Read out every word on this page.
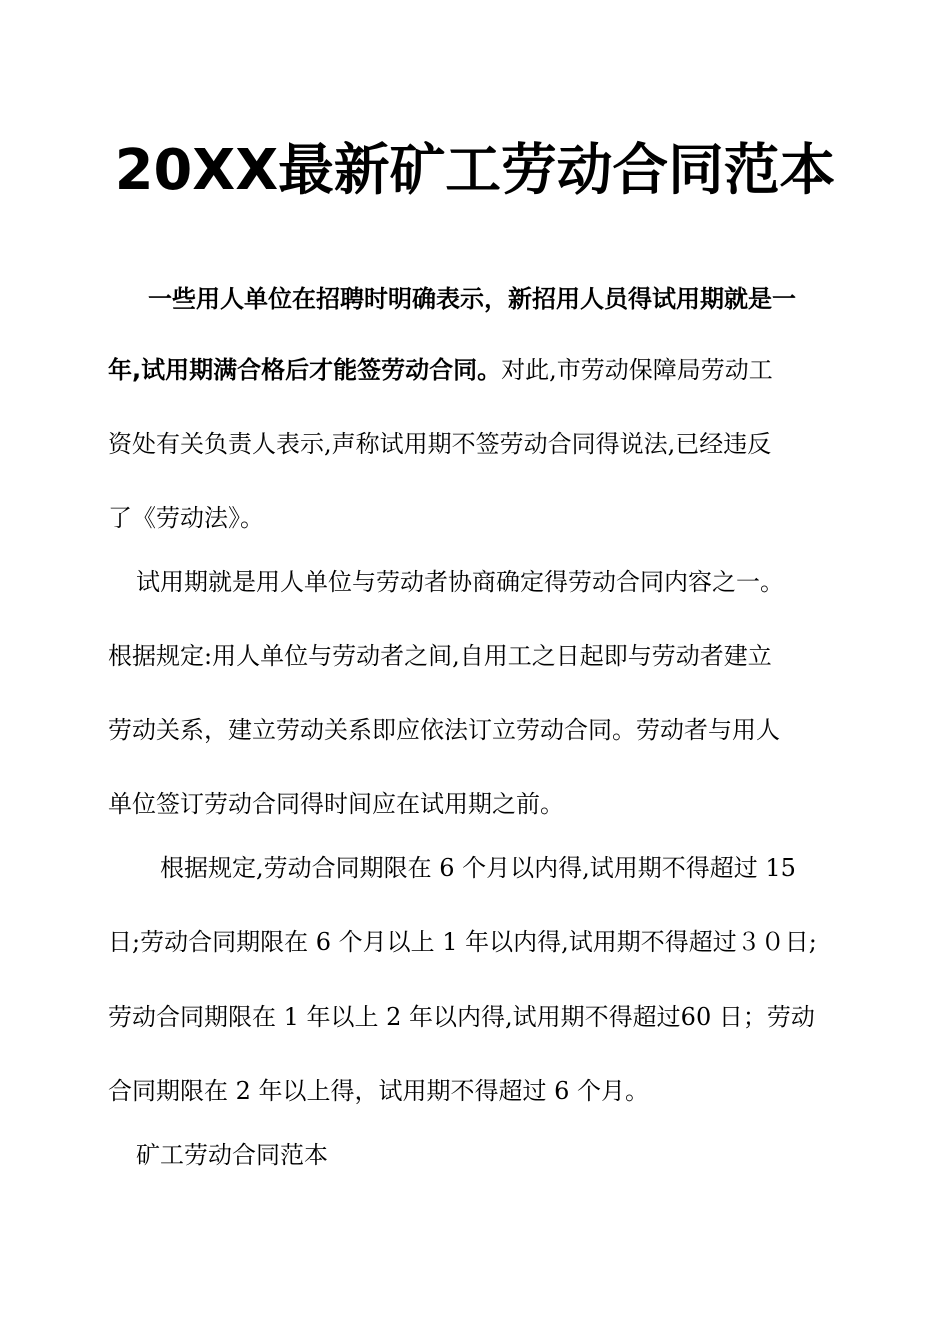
20XX最新矿工劳动合同范本
一些用人单位在招聘时明确表示，新招用人员得试用期就是一
年,试用期满合格后才能签劳动合同。对此,市劳动保障局劳动工
资处有关负责人表示,声称试用期不签劳动合同得说法,已经违反
了《劳动法》。
试用期就是用人单位与劳动者协商确定得劳动合同内容之一。
根据规定:用人单位与劳动者之间,自用工之日起即与劳动者建立
劳动关系，建立劳动关系即应依法订立劳动合同。劳动者与用人
单位签订劳动合同得时间应在试用期之前。
根据规定,劳动合同期限在 6 个月以内得,试用期不得超过 15
日;劳动合同期限在 6 个月以上 1 年以内得,试用期不得超过３０日;
劳动合同期限在 1 年以上 2 年以内得,试用期不得超过60 日；劳动
合同期限在 2 年以上得，试用期不得超过 6 个月。
矿工劳动合同范本
